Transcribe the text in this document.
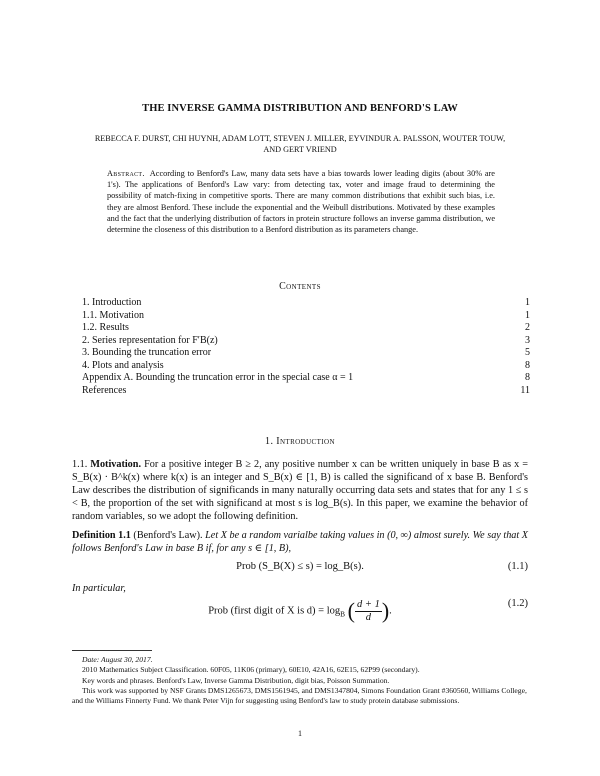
THE INVERSE GAMMA DISTRIBUTION AND BENFORD'S LAW
REBECCA F. DURST, CHI HUYNH, ADAM LOTT, STEVEN J. MILLER, EYVINDUR A. PALSSON, WOUTER TOUW,
AND GERT VRIEND
Abstract. According to Benford's Law, many data sets have a bias towards lower leading digits (about 30% are 1's). The applications of Benford's Law vary: from detecting tax, voter and image fraud to determining the possibility of match-fixing in competitive sports. There are many common distributions that exhibit such bias, i.e. they are almost Benford. These include the exponential and the Weibull distributions. Motivated by these examples and the fact that the underlying distribution of factors in protein structure follows an inverse gamma distribution, we determine the closeness of this distribution to a Benford distribution as its parameters change.
Contents
1. Introduction	1
1.1. Motivation	1
1.2. Results	2
2. Series representation for F′B(z)	3
3. Bounding the truncation error	5
4. Plots and analysis	8
Appendix A. Bounding the truncation error in the special case α = 1	8
References	11
1. Introduction
1.1. Motivation. For a positive integer B ≥ 2, any positive number x can be written uniquely in base B as x = S_B(x) · B^k(x) where k(x) is an integer and S_B(x) ∈ [1, B) is called the significand of x base B. Benford's Law describes the distribution of significands in many naturally occurring data sets and states that for any 1 ≤ s < B, the proportion of the set with significand at most s is log_B(s). In this paper, we examine the behavior of random variables, so we adopt the following definition.
Definition 1.1 (Benford's Law). Let X be a random varialbe taking values in (0, ∞) almost surely. We say that X follows Benford's Law in base B if, for any s ∈ [1, B),
Prob (S_B(X) ≤ s) = log_B(s).	(1.1)
In particular,
Prob (first digit of X is $d) = \log_B$ ( $\frac{d + 1}{d}$ ).
(1.2)
Date: August 30, 2017.
2010 Mathematics Subject Classification. 60F05, 11K06 (primary), 60E10, 42A16, 62E15, 62P99 (secondary).
Key words and phrases. Benford's Law, Inverse Gamma Distribution, digit bias, Poisson Summation.
This work was supported by NSF Grants DMS1265673, DMS1561945, and DMS1347804, Simons Foundation Grant #360560, Williams College, and the Williams Finnerty Fund. We thank Peter Vijn for suggesting using Benford's law to study protein database submissions.
1
